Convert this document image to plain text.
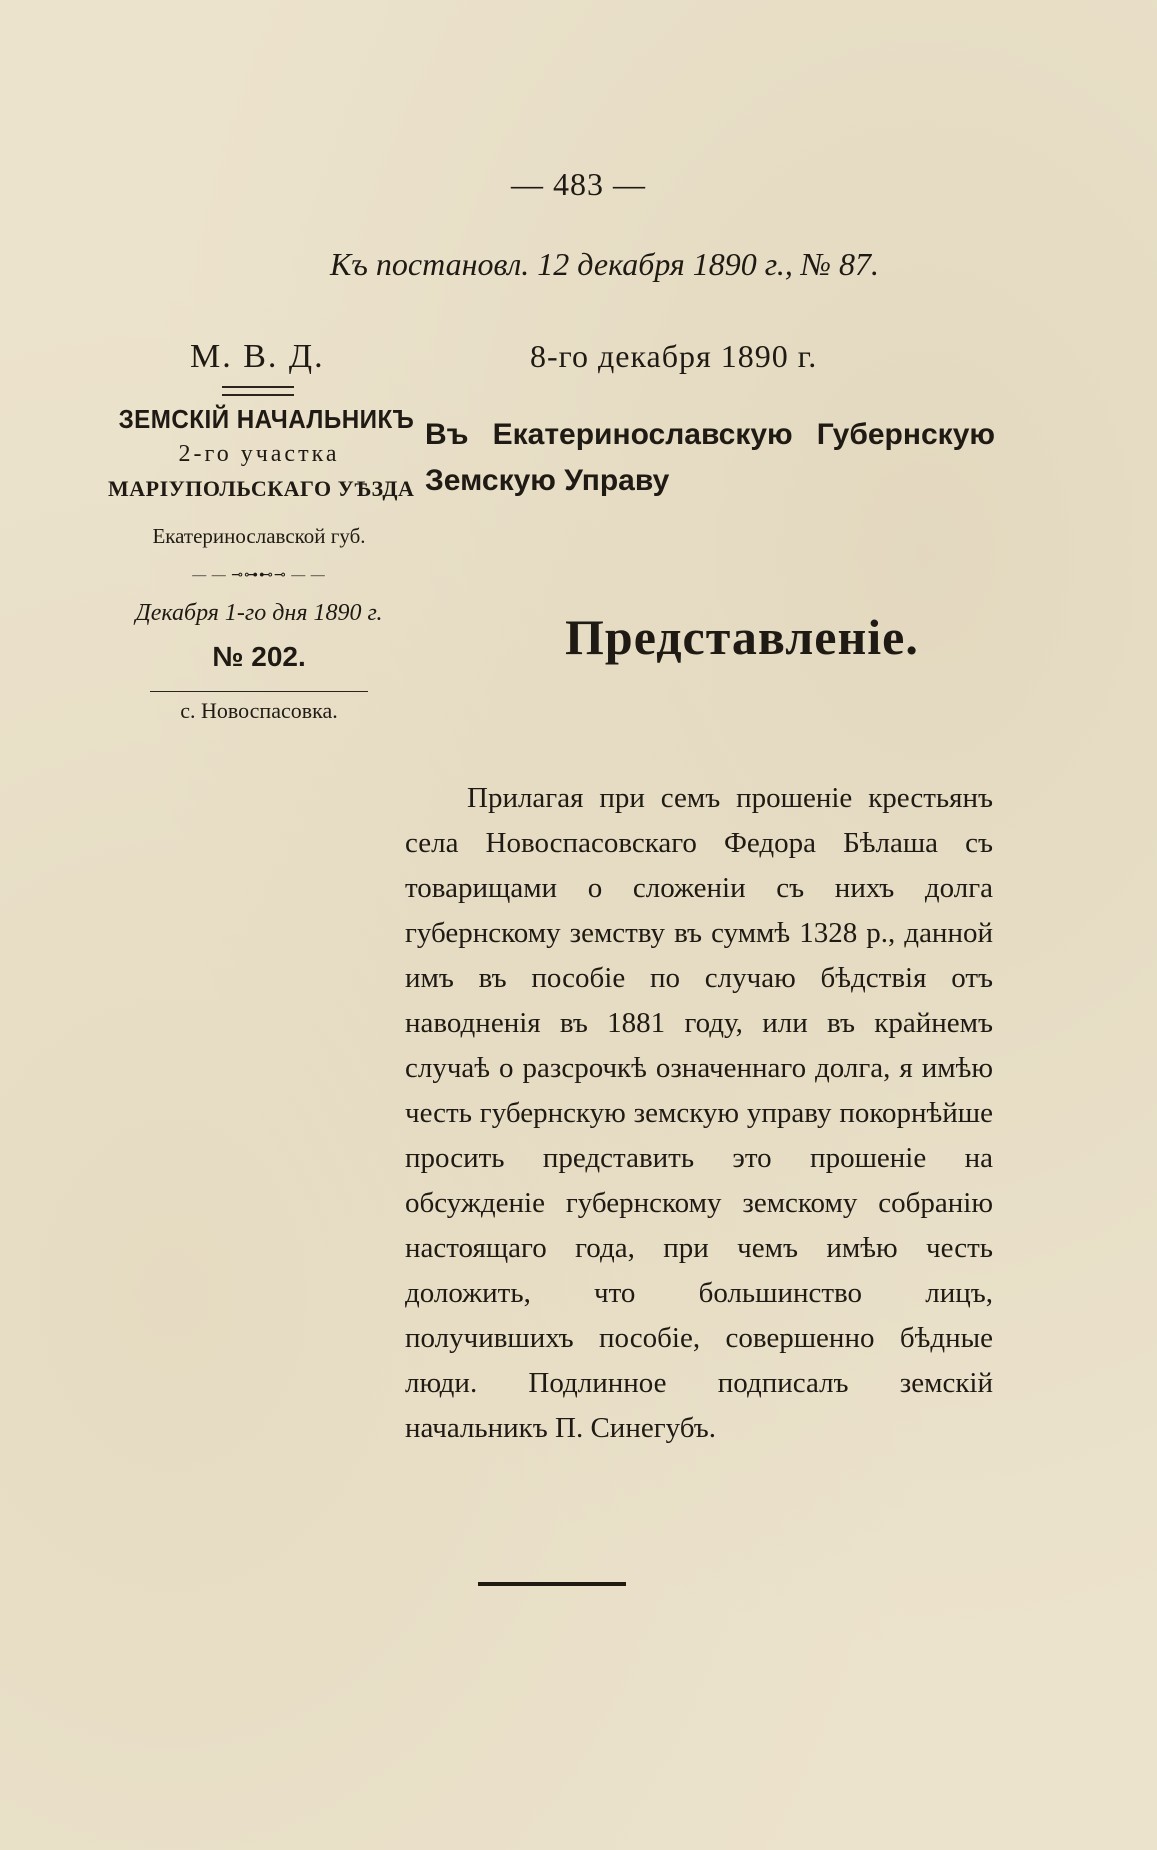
— 483 —
Къ постановл. 12 декабря 1890 г., № 87.
М. В. Д.	8-го декабря 1890 г.
ЗЕМСКІЙ НАЧАЛЬНИКЪ
2-го участка
МАРІУПОЛЬСКАГО УѢЗДА
Екатеринославской губ.
— — ⊸⊶⊷⊸ — —
Декабря 1-го дня 1890 г.
№ 202.
с. Новоспасовка.
Въ Екатеринославскую Губернскую Земскую Управу
Представленіе.

Прилагая при семъ прошеніе крестьянъ села Новоспасовскаго Федора Бѣлаша съ товарищами о сложеніи съ нихъ долга губернскому земству въ суммѣ 1328 р., данной имъ въ пособіе по случаю бѣдствія отъ наводненія въ 1881 году, или въ крайнемъ случаѣ о разсрочкѣ означеннаго долга, я имѣю честь губернскую земскую управу покорнѣйше просить представить это прошеніе на обсужденіе губернскому земскому собранію настоящаго года, при чемъ имѣю честь доложить, что большинство лицъ, получившихъ пособіе, совершенно бѣдные люди. Подлинное подписалъ земскій начальникъ П. Синегубъ.
